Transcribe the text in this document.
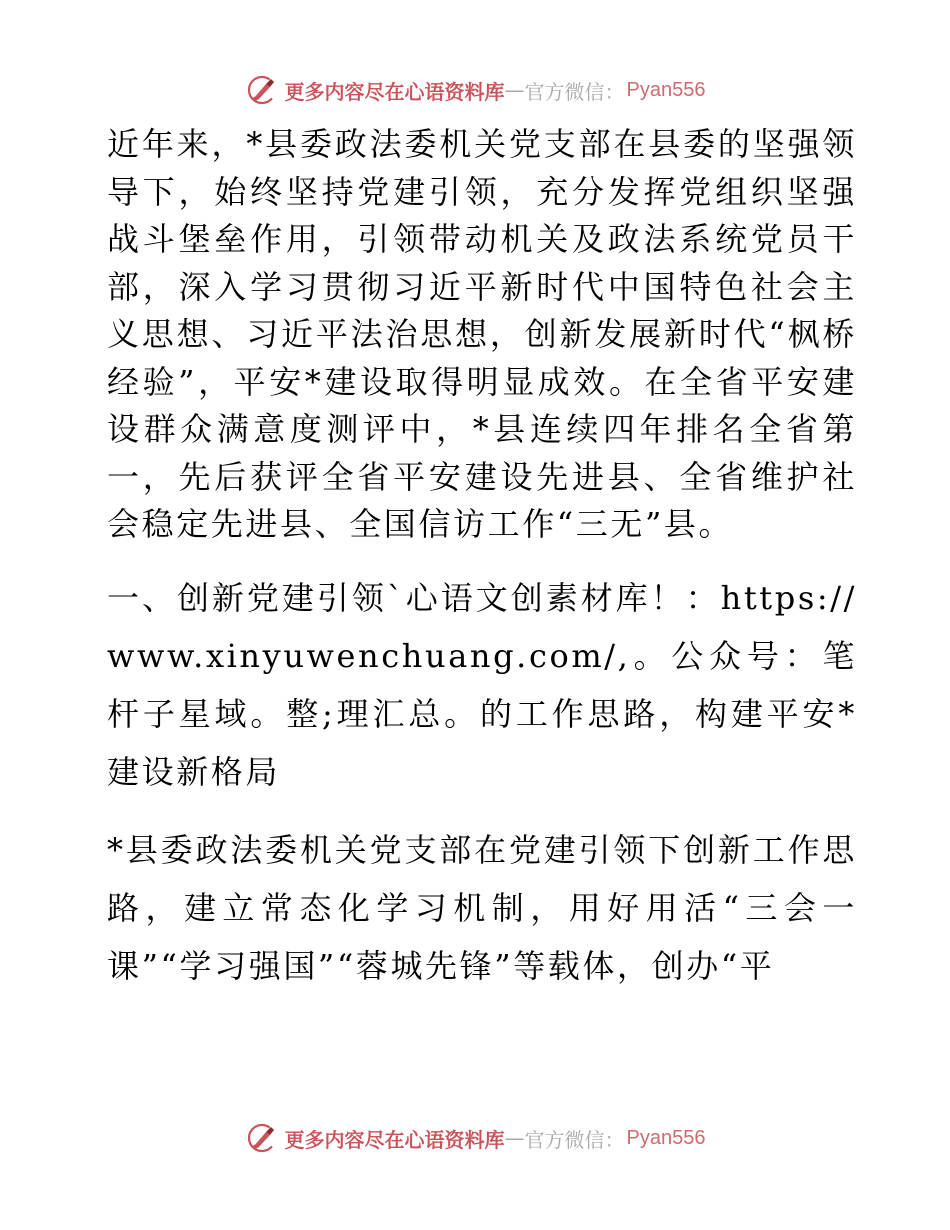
更多内容尽在心语资料库 — 官方微信： Pyan556

近年来，*县委政法委机关党支部在县委的坚强领导下，始终坚持党建引领，充分发挥党组织坚强战斗堡垒作用，引领带动机关及政法系统党员干部，深入学习贯彻习近平新时代中国特色社会主义思想、习近平法治思想，创新发展新时代“枫桥经验”，平安*建设取得明显成效。在全省平安建设群众满意度测评中，*县连续四年排名全省第一，先后获评全省平安建设先进县、全省维护社会稳定先进县、全国信访工作“三无”县。

一、创新党建引领`心语文创素材库！：https://www.xinyuwenchuang.com/,。公众号：笔杆子星域。整;理汇总。的工作思路，构建平安*建设新格局

*县委政法委机关党支部在党建引领下创新工作思路，建立常态化学习机制，用好用活“三会一课”“学习强国”“蓉城先锋”等载体，创办“平

更多内容尽在心语资料库 — 官方微信： Pyan556
